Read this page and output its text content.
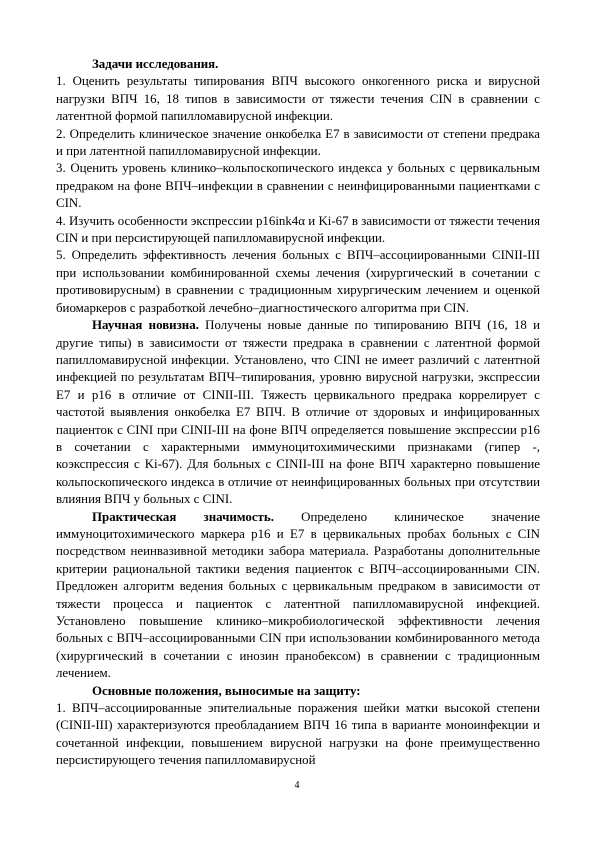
Задачи исследования.

1. Оценить результаты типирования ВПЧ высокого онкогенного риска и вирусной нагрузки ВПЧ 16, 18 типов в зависимости от тяжести течения CIN в сравнении с латентной формой папилломавирусной инфекции.

2. Определить клиническое значение онкобелка Е7 в зависимости от степени предрака и при латентной папилломавирусной инфекции.

3. Оценить уровень клинико–кольпоскопического индекса у больных с цервикальным предраком на фоне ВПЧ–инфекции в сравнении с неинфицированными пациентками с CIN.

4. Изучить особенности экспрессии p16ink4α и Ki-67 в зависимости от тяжести течения CIN и при персистирующей папилломавирусной инфекции.

5. Определить эффективность лечения больных с ВПЧ–ассоциированными CINII-III при использовании комбинированной схемы лечения (хирургический в сочетании с противовирусным) в сравнении с традиционным хирургическим лечением и оценкой биомаркеров с разработкой лечебно–диагностического алгоритма при CIN.

Научная новизна. Получены новые данные по типированию ВПЧ (16, 18 и другие типы) в зависимости от тяжести предрака в сравнении с латентной формой папилломавирусной инфекции. Установлено, что CINI не имеет различий с латентной инфекцией по результатам ВПЧ–типирования, уровню вирусной нагрузки, экспрессии E7 и p16 в отличие от CINII-III. Тяжесть цервикального предрака коррелирует с частотой выявления онкобелка E7 ВПЧ. В отличие от здоровых и инфицированных пациенток с CINI при CINII-III на фоне ВПЧ определяется повышение экспрессии p16 в сочетании с характерными иммуноцитохимическими признаками (гипер -, коэкспрессия с Ki-67). Для больных с CINII-III на фоне ВПЧ характерно повышение кольпоскопического индекса в отличие от неинфицированных больных при отсутствии влияния ВПЧ у больных с CINI.

Практическая значимость. Определено клиническое значение иммуноцитохимического маркера p16 и E7 в цервикальных пробах больных с CIN посредством неинвазивной методики забора материала. Разработаны дополнительные критерии рациональной тактики ведения пациенток с ВПЧ–ассоциированными CIN. Предложен алгоритм ведения больных с цервикальным предраком в зависимости от тяжести процесса и пациенток с латентной папилломавирусной инфекцией. Установлено повышение клинико–микробиологической эффективности лечения больных с ВПЧ–ассоциированными CIN при использовании комбинированного метода (хирургический в сочетании с инозин пранобексом) в сравнении с традиционным лечением.

Основные положения, выносимые на защиту:

1. ВПЧ–ассоциированные эпителиальные поражения шейки матки высокой степени (CINII-III) характеризуются преобладанием ВПЧ 16 типа в варианте моноинфекции и сочетанной инфекции, повышением вирусной нагрузки на фоне преимущественно персистирующего течения папилломавирусной

4
